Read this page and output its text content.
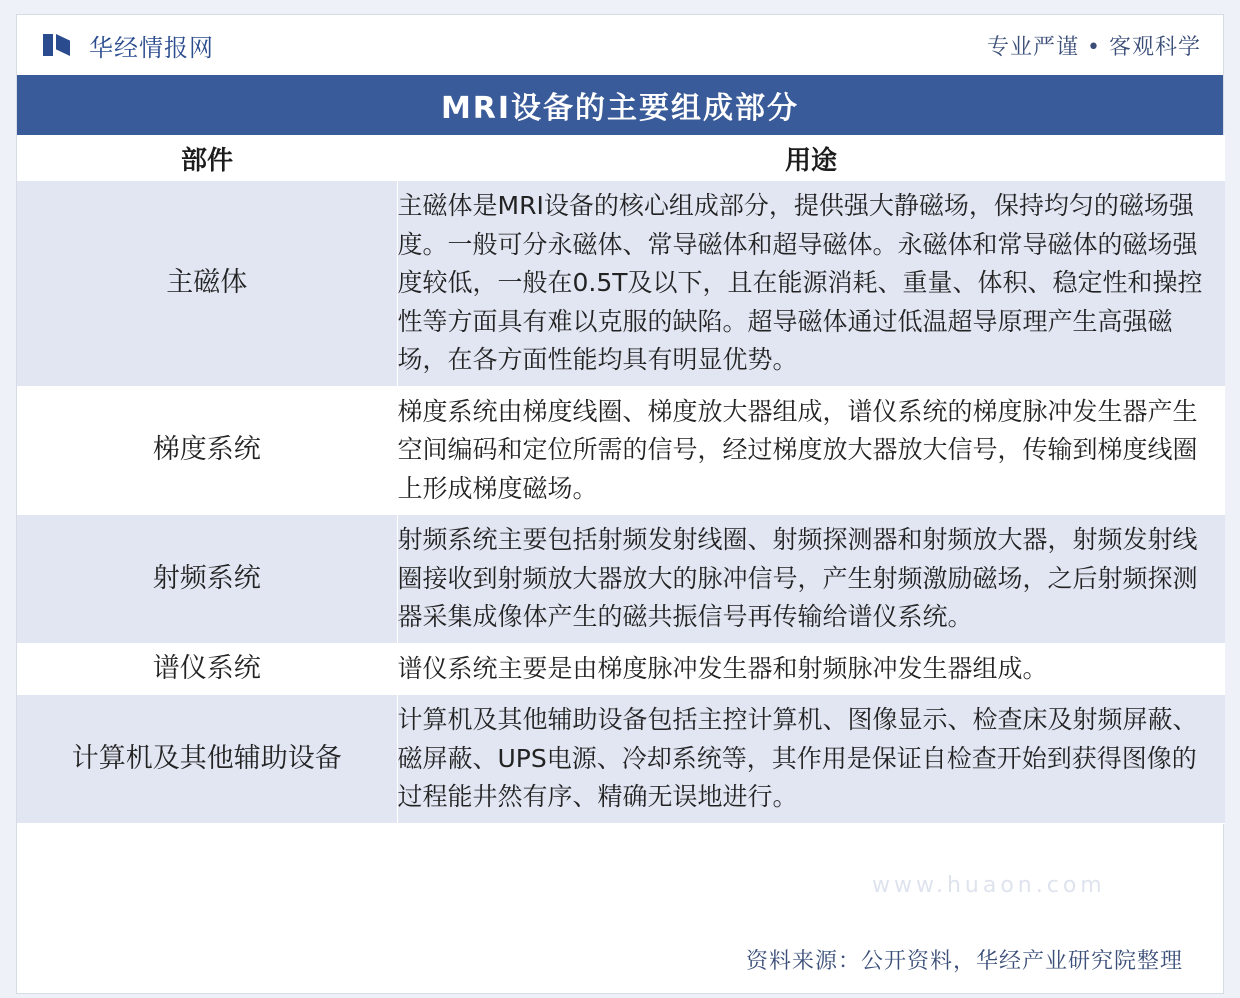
华经情报网	专业严谨 • 客观科学
MRI设备的主要组成部分
部件	用途
主磁体	主磁体是MRI设备的核心组成部分，提供强大静磁场，保持均匀的磁场强度。一般可分永磁体、常导磁体和超导磁体。永磁体和常导磁体的磁场强度较低，一般在0.5T及以下，且在能源消耗、重量、体积、稳定性和操控性等方面具有难以克服的缺陷。超导磁体通过低温超导原理产生高强磁场，在各方面性能均具有明显优势。
梯度系统	梯度系统由梯度线圈、梯度放大器组成，谱仪系统的梯度脉冲发生器产生空间编码和定位所需的信号，经过梯度放大器放大信号，传输到梯度线圈上形成梯度磁场。
射频系统	射频系统主要包括射频发射线圈、射频探测器和射频放大器，射频发射线圈接收到射频放大器放大的脉冲信号，产生射频激励磁场，之后射频探测器采集成像体产生的磁共振信号再传输给谱仪系统。
谱仪系统	谱仪系统主要是由梯度脉冲发生器和射频脉冲发生器组成。
计算机及其他辅助设备	计算机及其他辅助设备包括主控计算机、图像显示、检查床及射频屏蔽、磁屏蔽、UPS电源、冷却系统等，其作用是保证自检查开始到获得图像的过程能井然有序、精确无误地进行。
www.huaon.com
资料来源：公开资料，华经产业研究院整理
